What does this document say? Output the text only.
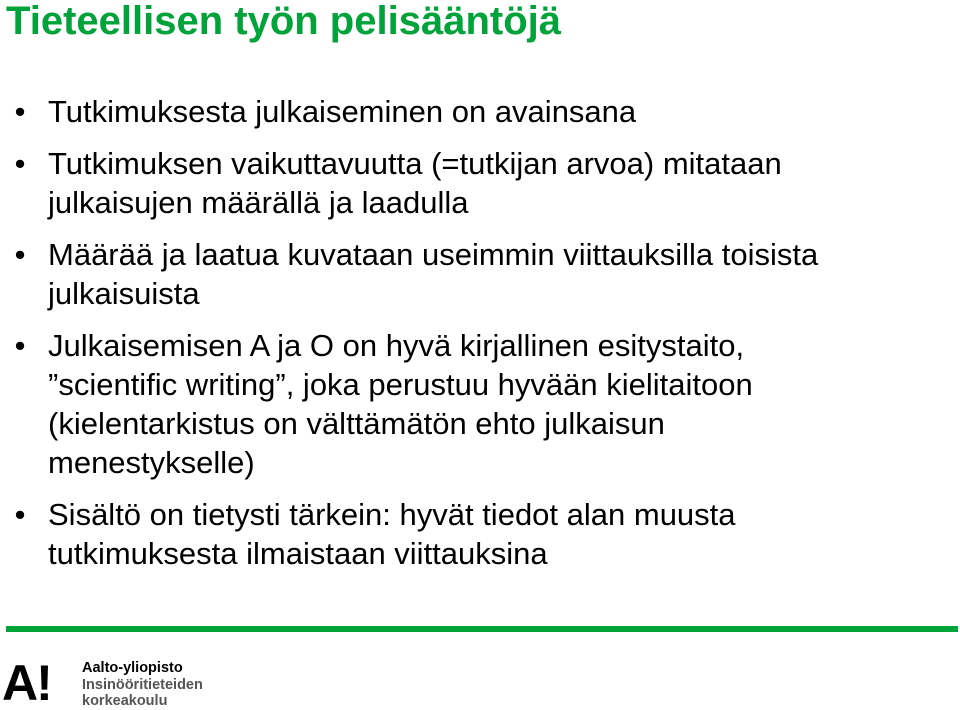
Tieteellisen työn pelisääntöjä
• Tutkimuksesta julkaiseminen on avainsana
• Tutkimuksen vaikuttavuutta (=tutkijan arvoa) mitataan
julkaisujen määrällä ja laadulla
• Määrää ja laatua kuvataan useimmin viittauksilla toisista
julkaisuista
• Julkaisemisen A ja O on hyvä kirjallinen esitystaito,
”scientific writing”, joka perustuu hyvään kielitaitoon
(kielentarkistus on välttämätön ehto julkaisun
menestykselle)
• Sisältö on tietysti tärkein: hyvät tiedot alan muusta
tutkimuksesta ilmaistaan viittauksina
A! Aalto-yliopisto
Insinööritieteiden
korkeakoulu
